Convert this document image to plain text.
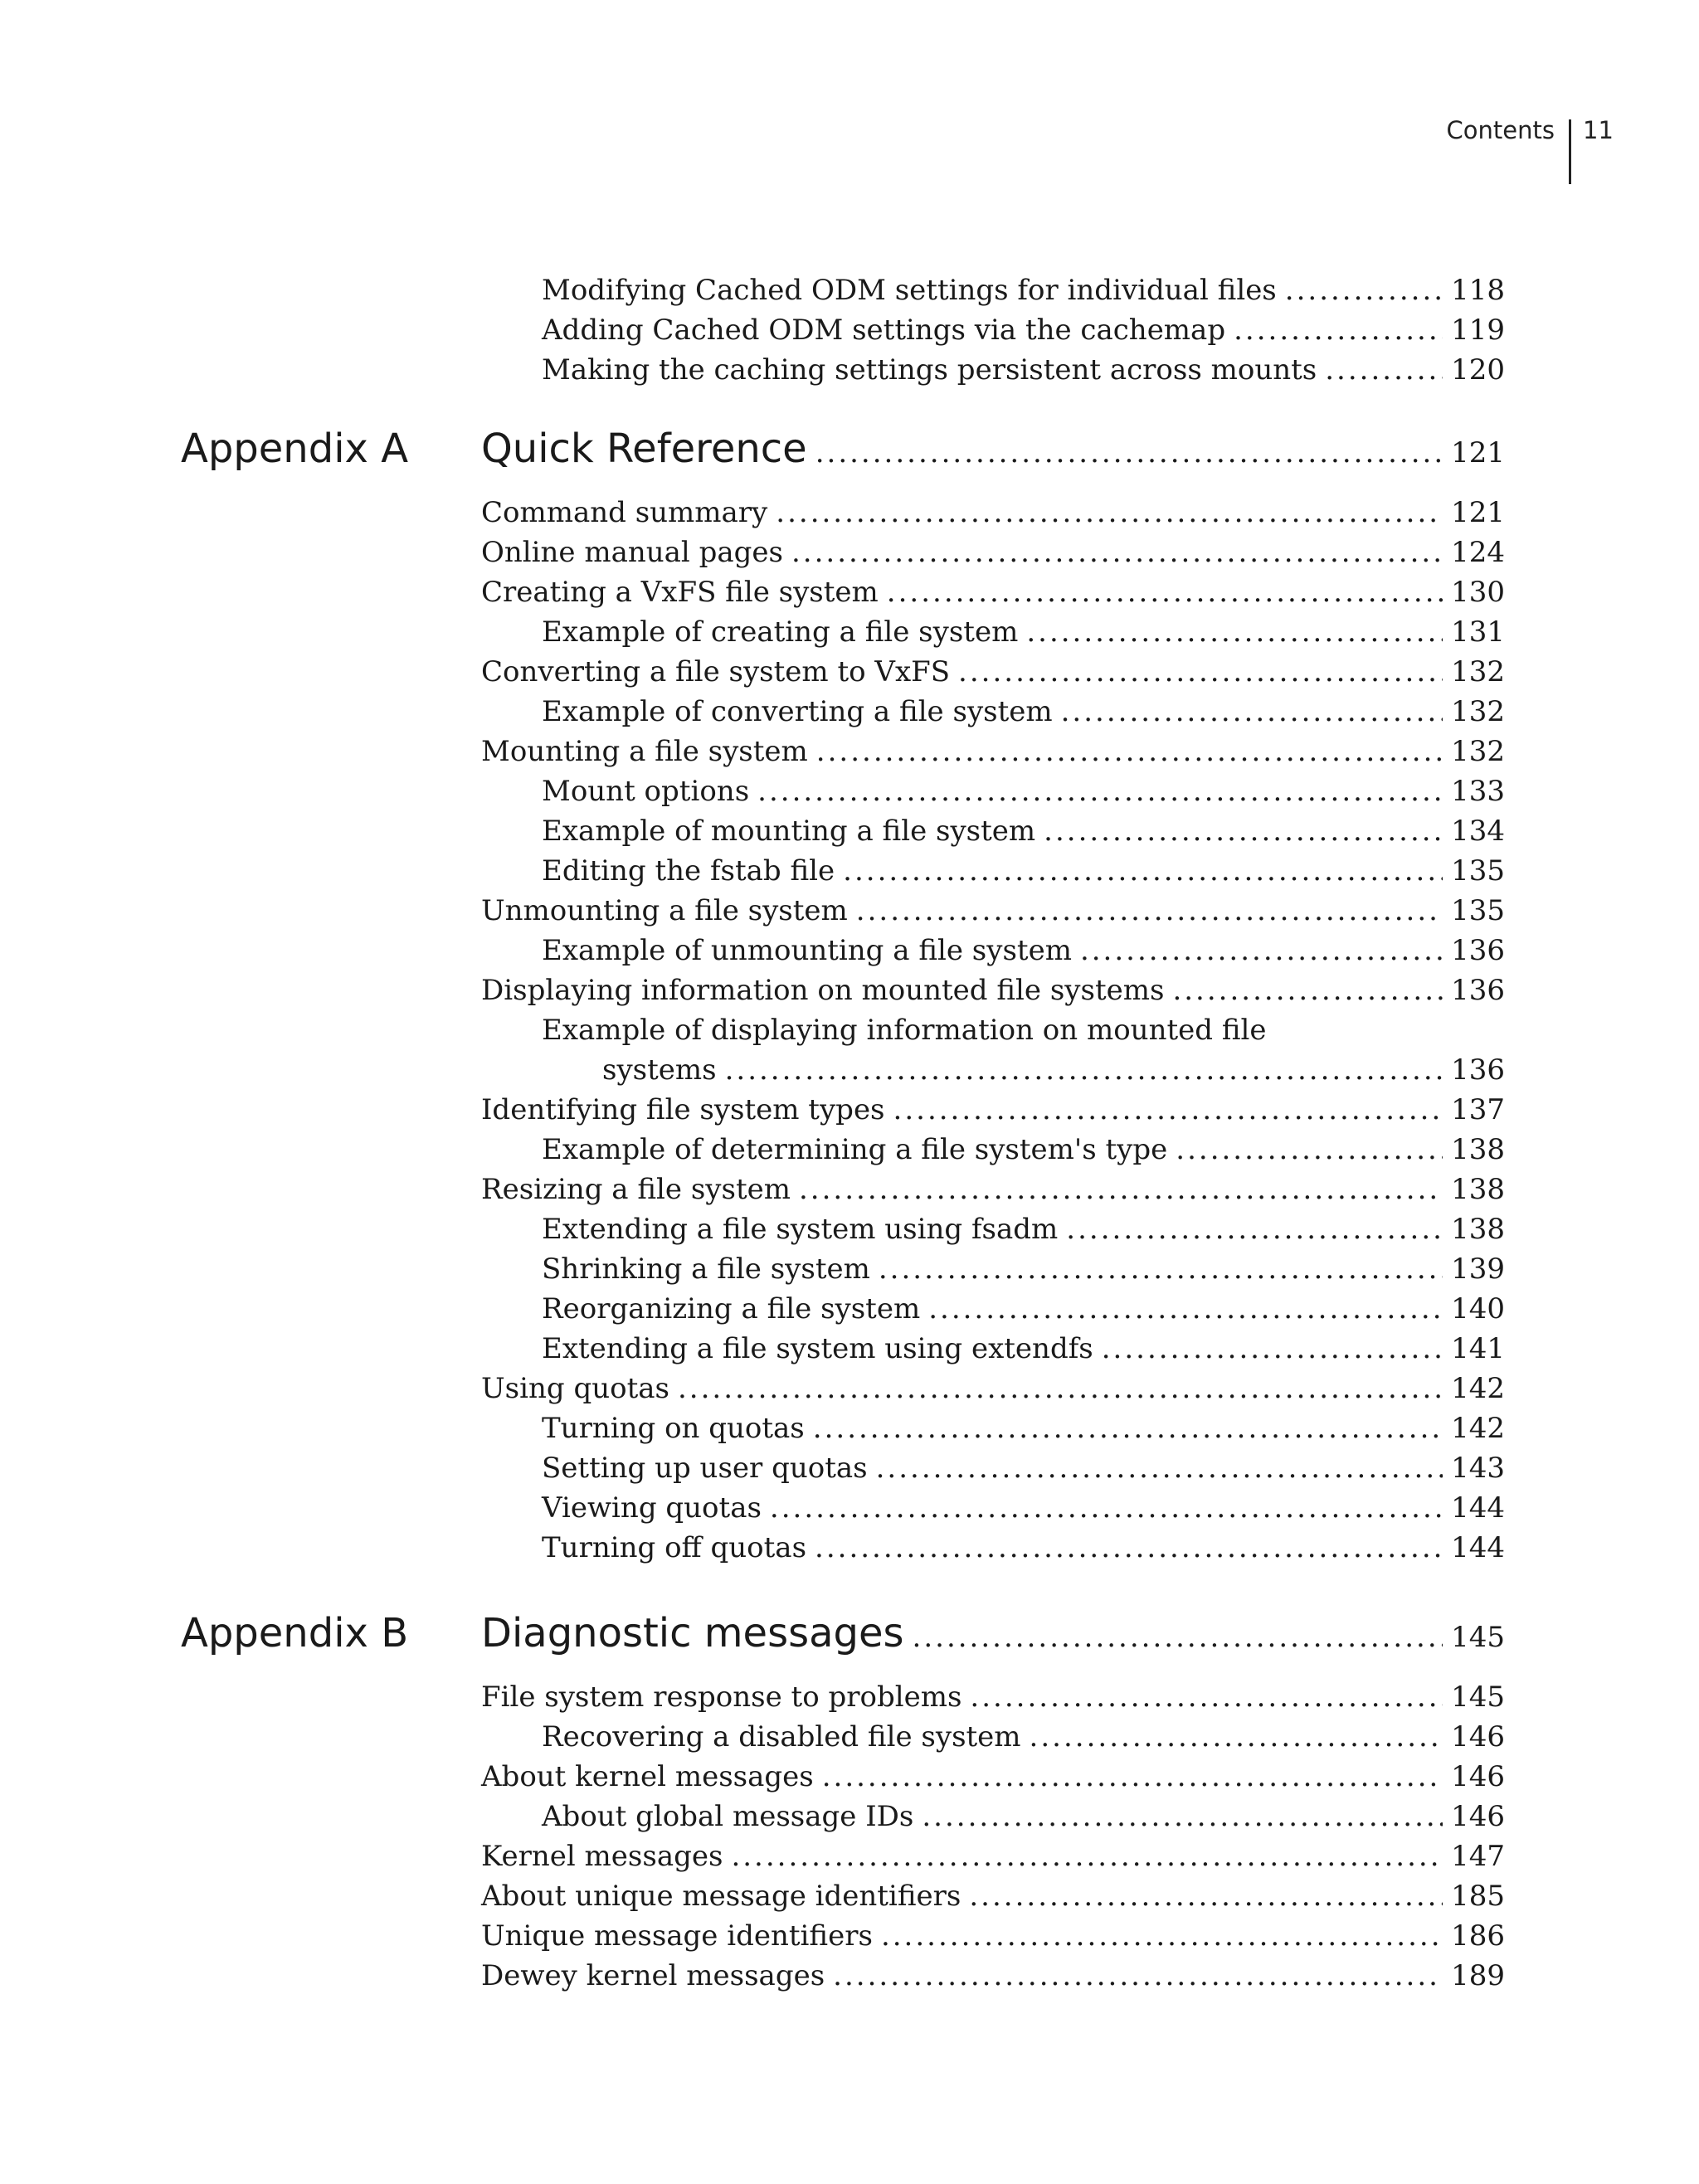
Contents 11
Modifying Cached ODM settings for individual files .....	118
Adding Cached ODM settings via the cachemap .....	119
Making the caching settings persistent across mounts .....	120
Appendix A	Quick Reference .....	121
Command summary .....	121
Online manual pages .....	124
Creating a VxFS file system .....	130
Example of creating a file system .....	131
Converting a file system to VxFS .....	132
Example of converting a file system .....	132
Mounting a file system .....	132
Mount options .....	133
Example of mounting a file system .....	134
Editing the fstab file .....	135
Unmounting a file system .....	135
Example of unmounting a file system .....	136
Displaying information on mounted file systems .....	136
Example of displaying information on mounted file
systems .....	136
Identifying file system types .....	137
Example of determining a file system's type .....	138
Resizing a file system .....	138
Extending a file system using fsadm .....	138
Shrinking a file system .....	139
Reorganizing a file system .....	140
Extending a file system using extendfs .....	141
Using quotas .....	142
Turning on quotas .....	142
Setting up user quotas .....	143
Viewing quotas .....	144
Turning off quotas .....	144
Appendix B	Diagnostic messages .....	145
File system response to problems .....	145
Recovering a disabled file system .....	146
About kernel messages .....	146
About global message IDs .....	146
Kernel messages .....	147
About unique message identifiers .....	185
Unique message identifiers .....	186
Dewey kernel messages .....	189
